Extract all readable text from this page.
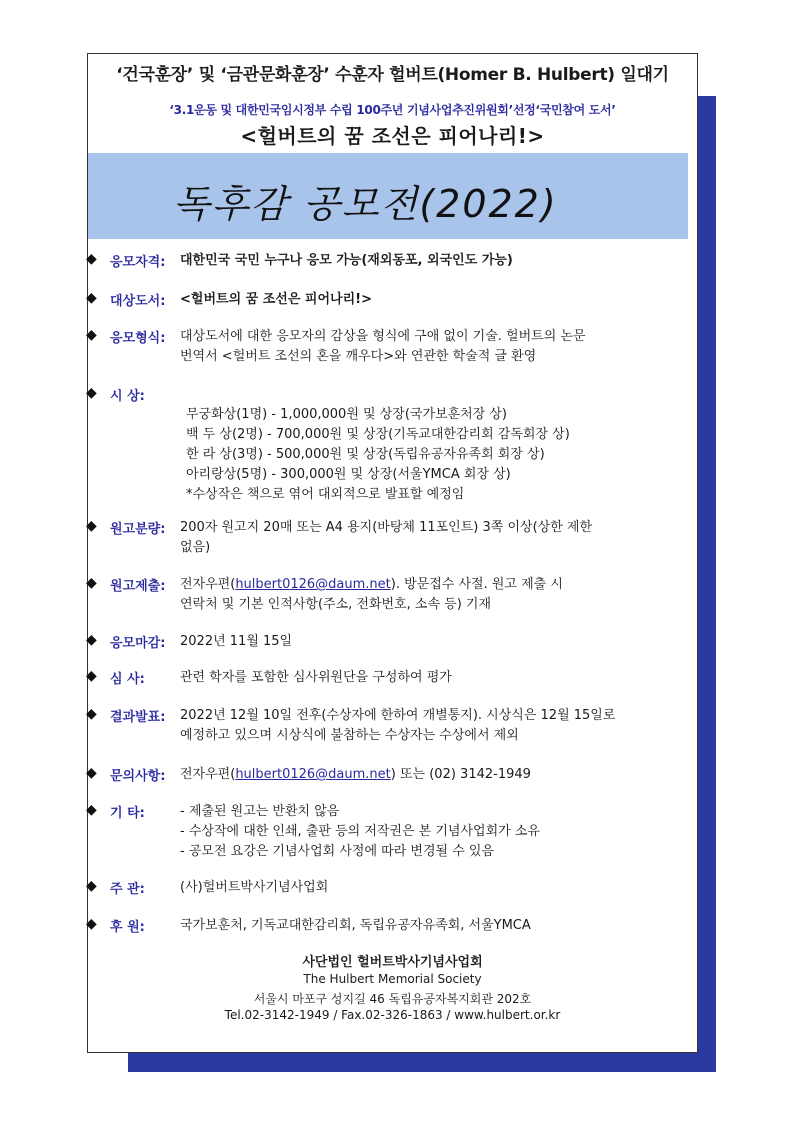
‘건국훈장’ 및 ‘금관문화훈장’ 수훈자 헐버트(Homer B. Hulbert) 일대기
‘3.1운동 및 대한민국임시정부 수립 100주년 기념사업추진위원회’선정‘국민참여 도서’
<헐버트의 꿈 조선은 피어나리!>
독후감 공모전(2022)
◆ 응모자격: 대한민국 국민 누구나 응모 가능(재외동포, 외국인도 가능)
◆ 대상도서: <헐버트의 꿈 조선은 피어나리!>
◆ 응모형식: 대상도서에 대한 응모자의 감상을 형식에 구애 없이 기술. 헐버트의 논문
번역서 <헐버트 조선의 혼을 깨우다>와 연관한 학술적 글 환영
◆ 시 상:
무궁화상(1명) - 1,000,000원 및 상장(국가보훈처장 상)
백 두 상(2명) - 700,000원 및 상장(기독교대한감리회 감독회장 상)
한 라 상(3명) - 500,000원 및 상장(독립유공자유족회 회장 상)
아리랑상(5명) - 300,000원 및 상장(서울YMCA 회장 상)
*수상작은 책으로 엮어 대외적으로 발표할 예정임
◆ 원고분량: 200자 원고지 20매 또는 A4 용지(바탕체 11포인트) 3쪽 이상(상한 제한
없음)
◆ 원고제출: 전자우편(hulbert0126@daum.net). 방문접수 사절. 원고 제출 시
연락처 및 기본 인적사항(주소, 전화번호, 소속 등) 기재
◆ 응모마감: 2022년 11월 15일
◆ 심 사:	관련 학자를 포함한 심사위원단을 구성하여 평가
◆ 결과발표: 2022년 12월 10일 전후(수상자에 한하여 개별통지). 시상식은 12월 15일로
예정하고 있으며 시상식에 불참하는 수상자는 수상에서 제외
◆ 문의사항: 전자우편(hulbert0126@daum.net) 또는 (02) 3142-1949
◆ 기 타:	- 제출된 원고는 반환치 않음
- 수상작에 대한 인쇄, 출판 등의 저작권은 본 기념사업회가 소유
- 공모전 요강은 기념사업회 사정에 따라 변경될 수 있음
◆ 주 관:	(사)헐버트박사기념사업회
◆ 후 원:	국가보훈처, 기독교대한감리회, 독립유공자유족회, 서울YMCA
사단법인 헐버트박사기념사업회
The Hulbert Memorial Society
서울시 마포구 성지길 46 독립유공자복지회관 202호
Tel.02-3142-1949 / Fax.02-326-1863 / www.hulbert.or.kr
